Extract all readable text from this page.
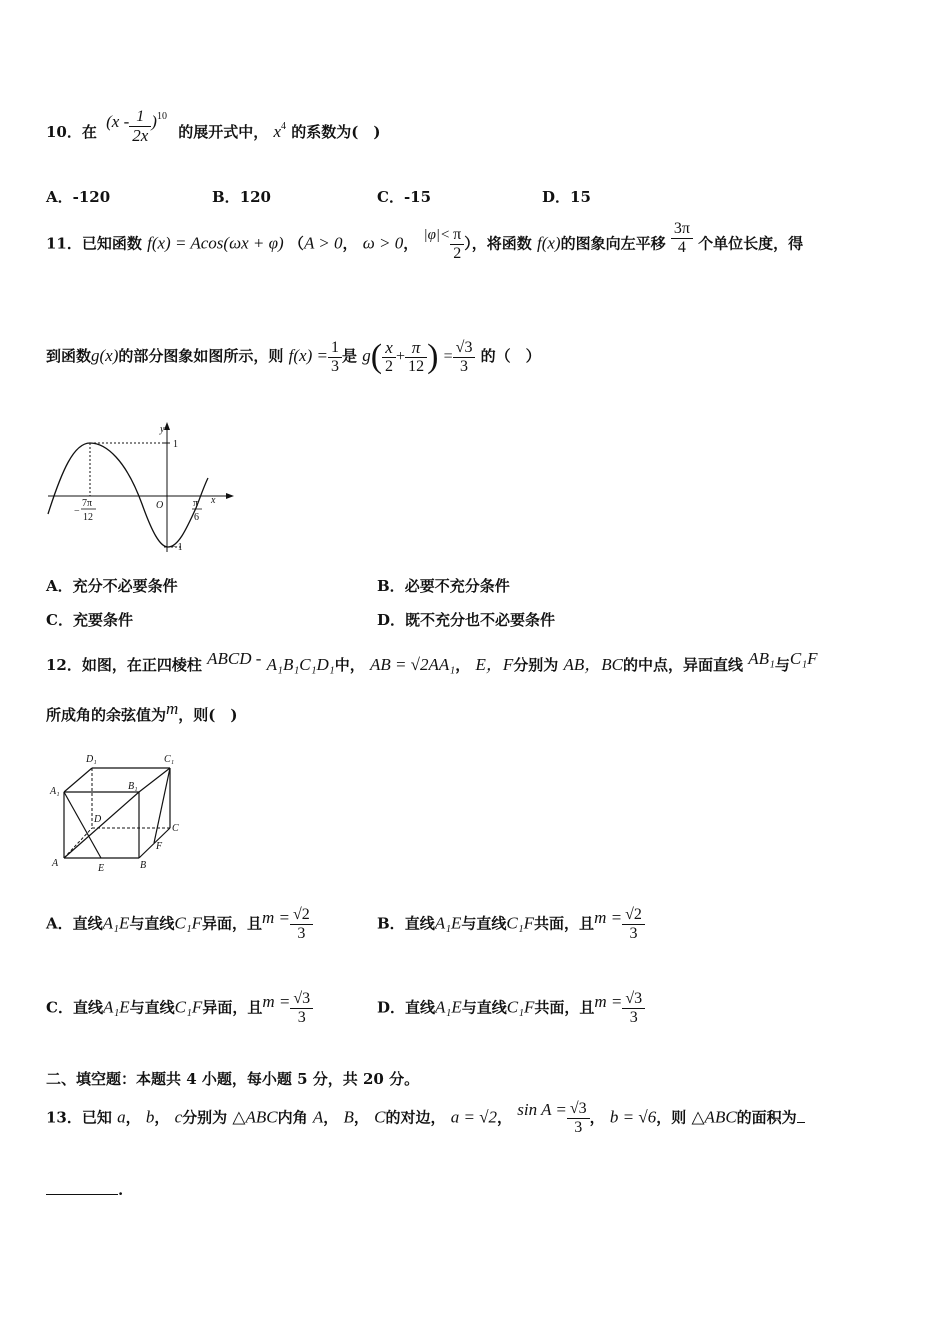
10．在 $(x - \frac{1}{2x} )^{10}$ 的展开式中， $x^4$ 的系数为(　)
A．-120	B．120	C．-15	D．15
11．已知函数 f(x) = Acos(ωx + φ) （A > 0， ω > 0， $|\varphi|< \frac{\pi}{2}$ ），将函数 f(x)的图象向左平移 $\frac{3\pi}{4}$ 个单位长度，得
到函数g(x)的部分图象如图所示，则 $f(x) = \frac{1}{3}$ 是 $g( \frac{x}{2} + \frac{\pi}{12}$ ) = $\frac{√3}{3}$ 的（　）
y
x
O
1
−1
−
7π
12
π
6
A．充分不必要条件	B．必要不充分条件
C．充要条件	D．既不充分也不必要条件
12．如图，在正四棱柱 ABCD - A₁B₁C₁D₁中， AB = √2AA₁， E，F分别为 AB，BC的中点，异面直线 AB₁与C₁F
所成角的余弦值为m，则(　)
D₁	C₁
A₁	B₁
D
C
A	E	B
F
A．直线A₁E与直线C₁F异面，且$m = \frac{√2}{3}$	B．直线A₁E与直线C₁F共面，且$m = \frac{√2}{3}$
C．直线A₁E与直线C₁F异面，且$m = \frac{√3}{3}$	D．直线A₁E与直线C₁F共面，且$m = \frac{√3}{3}$
二、填空题：本题共 4 小题，每小题 5 分，共 20 分。
13．已知 a， b， c分别为 △ABC内角 A， B， C的对边， a = √2， $\sin A = \frac{√3}{3}$ ， b = √6，则 △ABC的面积为
.
